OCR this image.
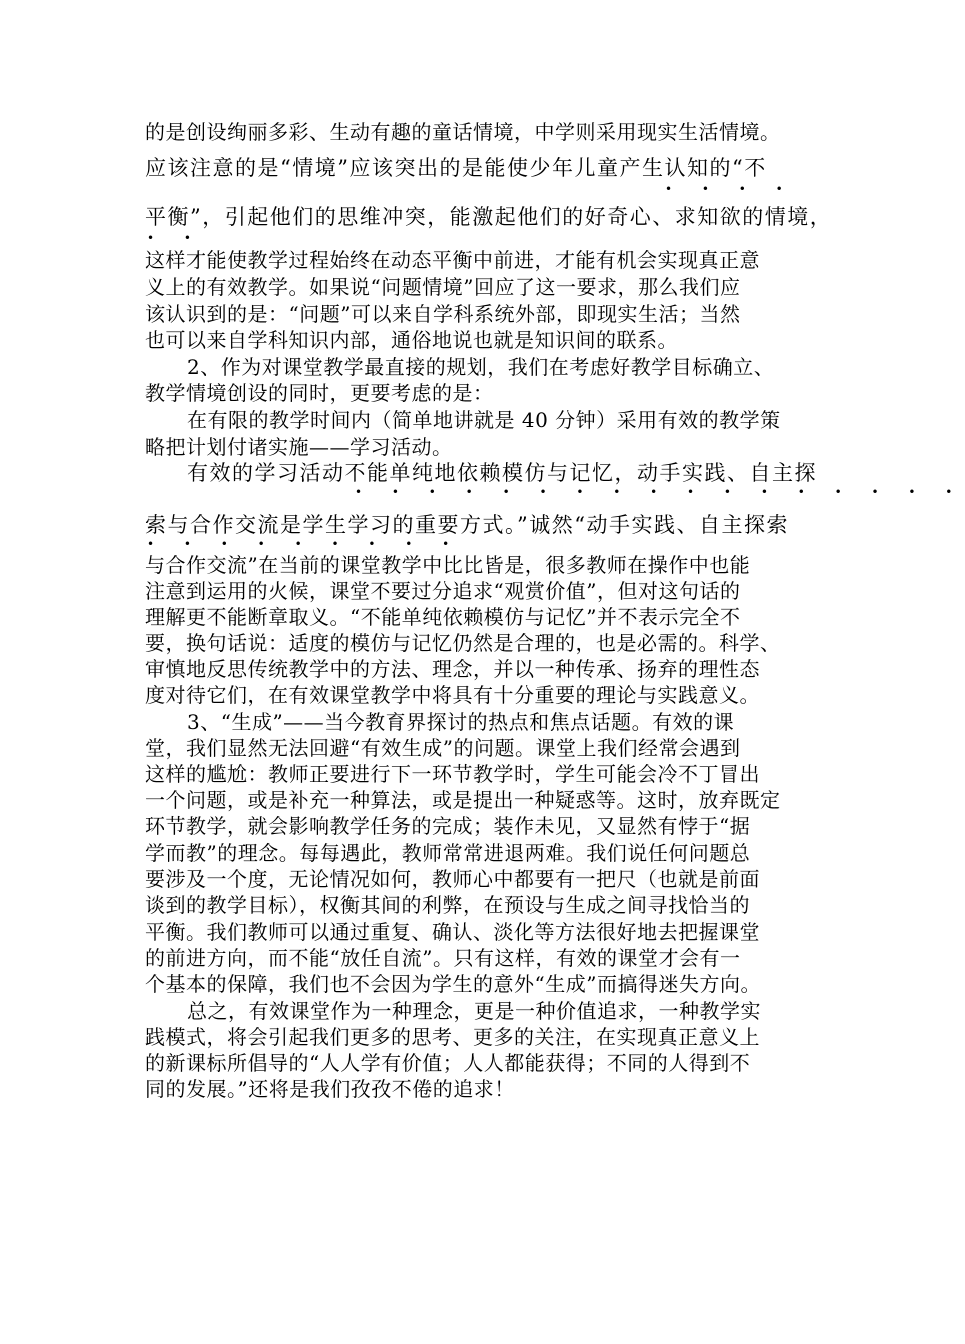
的是创设绚丽多彩、生动有趣的童话情境，中学则采用现实生活情境。
应该注意的是“情境”应该突出的是能使少年儿童产生认知的“不
• • • •
平衡”，引起他们的思维冲突，能激起他们的好奇心、求知欲的情境，
• •
这样才能使教学过程始终在动态平衡中前进，才能有机会实现真正意
义上的有效教学。如果说“问题情境”回应了这一要求，那么我们应
该认识到的是：“问题”可以来自学科系统外部，即现实生活；当然
也可以来自学科知识内部，通俗地说也就是知识间的联系。
2、作为对课堂教学最直接的规划，我们在考虑好教学目标确立、
教学情境创设的同时，更要考虑的是：
在有限的教学时间内（简单地讲就是 40 分钟）采用有效的教学策
略把计划付诸实施——学习活动。
有效的学习活动不能单纯地依赖模仿与记忆，动手实践、自主探
• • • • • • • • • • • • • • • • •
索与合作交流是学生学习的重要方式。”诚然“动手实践、自主探索
• • • • • • • • •
与合作交流”在当前的课堂教学中比比皆是，很多教师在操作中也能
注意到运用的火候，课堂不要过分追求“观赏价值”，但对这句话的
理解更不能断章取义。“不能单纯依赖模仿与记忆”并不表示完全不
要，换句话说：适度的模仿与记忆仍然是合理的，也是必需的。科学、
审慎地反思传统教学中的方法、理念，并以一种传承、扬弃的理性态
度对待它们，在有效课堂教学中将具有十分重要的理论与实践意义。
3、“生成”——当今教育界探讨的热点和焦点话题。有效的课
堂，我们显然无法回避“有效生成”的问题。课堂上我们经常会遇到
这样的尴尬：教师正要进行下一环节教学时，学生可能会冷不丁冒出
一个问题，或是补充一种算法，或是提出一种疑惑等。这时，放弃既定
环节教学，就会影响教学任务的完成；装作未见，又显然有悖于“据
学而教”的理念。每每遇此，教师常常进退两难。我们说任何问题总
要涉及一个度，无论情况如何，教师心中都要有一把尺（也就是前面
谈到的教学目标），权衡其间的利弊，在预设与生成之间寻找恰当的
平衡。我们教师可以通过重复、确认、淡化等方法很好地去把握课堂
的前进方向，而不能“放任自流”。只有这样，有效的课堂才会有一
个基本的保障，我们也不会因为学生的意外“生成”而搞得迷失方向。
总之，有效课堂作为一种理念，更是一种价值追求，一种教学实
践模式，将会引起我们更多的思考、更多的关注，在实现真正意义上
的新课标所倡导的“人人学有价值；人人都能获得；不同的人得到不
同的发展。”还将是我们孜孜不倦的追求！
